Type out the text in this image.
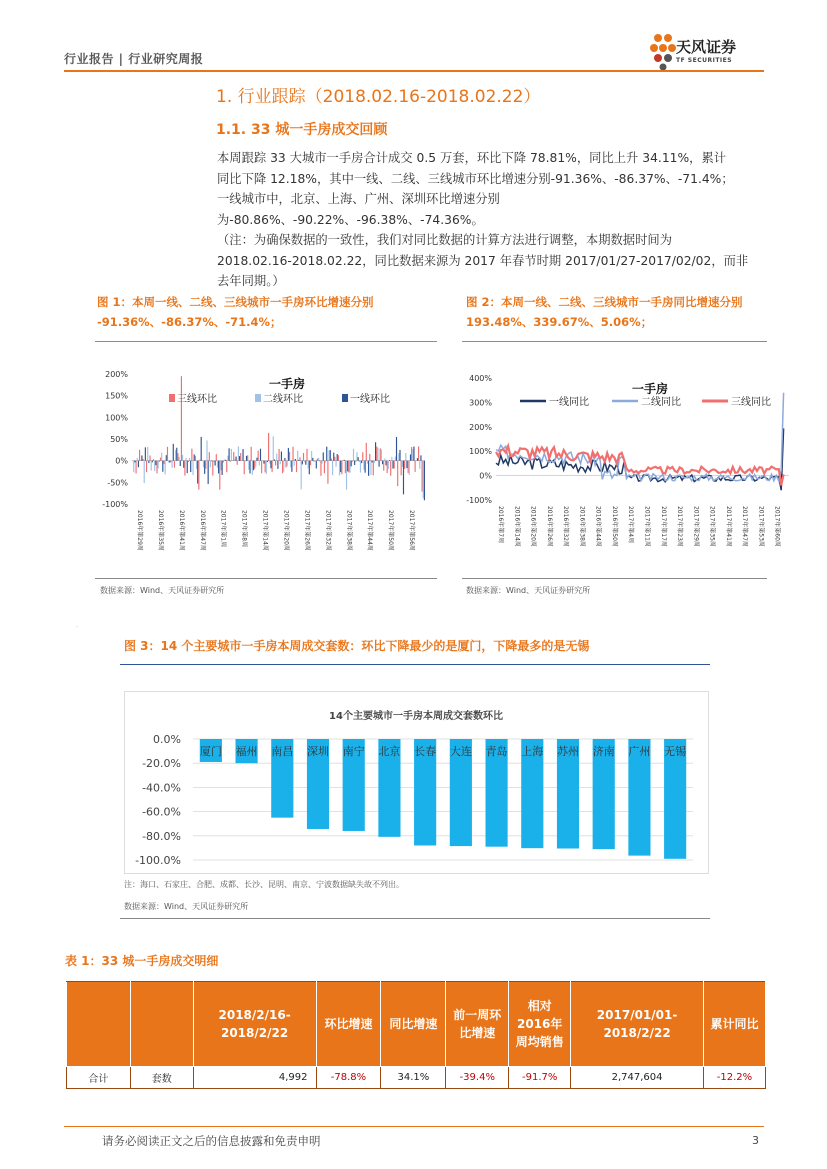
行业报告 | 行业研究周报
天风证券
TF SECURITIES
1. 行业跟踪（2018.02.16-2018.02.22）
1.1. 33 城一手房成交回顾
本周跟踪 33 大城市一手房合计成交 0.5 万套，环比下降 78.81%，同比上升 34.11%，累计
同比下降 12.18%，其中一线、二线、三线城市环比增速分别-91.36%、-86.37%、-71.4%；
一线城市中，北京、上海、广州、深圳环比增速分别为-80.86%、-90.22%、-96.38%、-74.36%。
（注：为确保数据的一致性，我们对同比数据的计算方法进行调整，本期数据时间为
2018.02.16-2018.02.22，同比数据来源为 2017 年春节时期 2017/01/27-2017/02/02，而非
去年同期。）
图 1：本周一线、二线、三线城市一手房环比增速分别
-91.36%、-86.37%、-71.4%；
200%
150%
100%
50%
0%
-50%
-100%
2016年第29周 2016年第35周 2016年第41周 2016年第47周 2017年第1周 2017年第8周 2017年第14周 2017年第20周 2017年第26周 2017年第32周 2017年第38周 2017年第44周 2017年第50周 2017年第56周
一手房
三线环比	二线环比	一线环比
数据来源：Wind、天风证券研究所
图 2：本周一线、二线、三线城市一手房同比增速分别
193.48%、339.67%、5.06%；
400%
300%
200%
100%
0%
-100%
2016年第7周 2016年第14周 2016年第20周 2016年第26周 2016年第32周 2016年第38周 2016年第44周 2016年第50周 2017年第4周 2017年第11周 2017年第17周 2017年第23周 2017年第29周 2017年第35周 2017年第41周 2017年第47周 2017年第53周 2017年第60周
一手房
一线同比	二线同比	三线同比
数据来源：Wind、天风证券研究所
.
图 3：14 个主要城市一手房本周成交套数：环比下降最少的是厦门，下降最多的是无锡
14个主要城市一手房本周成交套数环比
0.0%
-20.0%
-40.0%
-60.0%
-80.0%
-100.0%
厦门 福州 南昌 深圳 南宁 北京 长春 大连 青岛 上海 苏州 济南 广州 无锡
注：海口、石家庄、合肥、成都、长沙、昆明、南京、宁波数据缺失故不列出。
数据来源：Wind、天风证券研究所
表 1：33 城一手房成交明细
		2018/2/16-2018/2/22	环比增速	同比增速	前一周环比增速	相对2016年周均销售	2017/01/01-2018/2/22	累计同比
合计	套数	4,992	-78.8%	34.1%	-39.4%	-91.7%	2,747,604	-12.2%
请务必阅读正文之后的信息披露和免责申明	3
